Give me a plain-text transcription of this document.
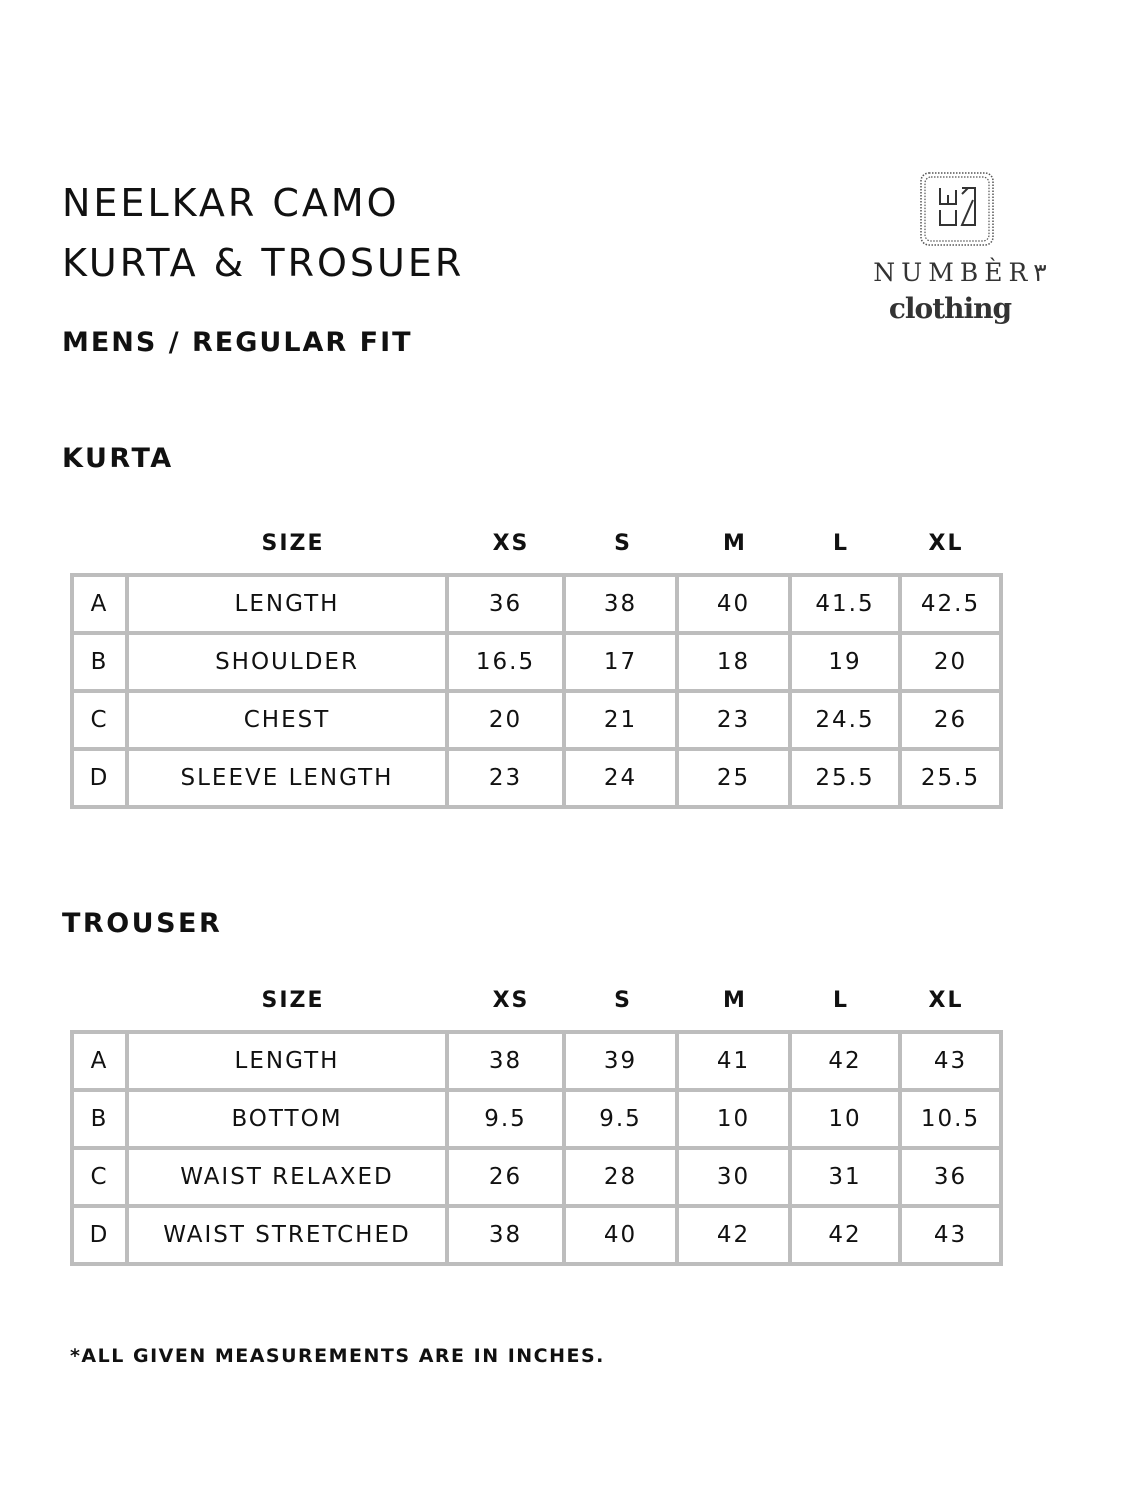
NEELKAR CAMO
KURTA & TROSUER
MENS / REGULAR FIT
NUMBÈR٣
clothing
KURTA
SIZE	XS	S	M	L	XL
A	LENGTH	36	38	40	41.5	42.5
B	SHOULDER	16.5	17	18	19	20
C	CHEST	20	21	23	24.5	26
D	SLEEVE LENGTH	23	24	25	25.5	25.5
TROUSER
SIZE	XS	S	M	L	XL
A	LENGTH	38	39	41	42	43
B	BOTTOM	9.5	9.5	10	10	10.5
C	WAIST RELAXED	26	28	30	31	36
D	WAIST STRETCHED	38	40	42	42	43
*ALL GIVEN MEASUREMENTS ARE IN INCHES.
